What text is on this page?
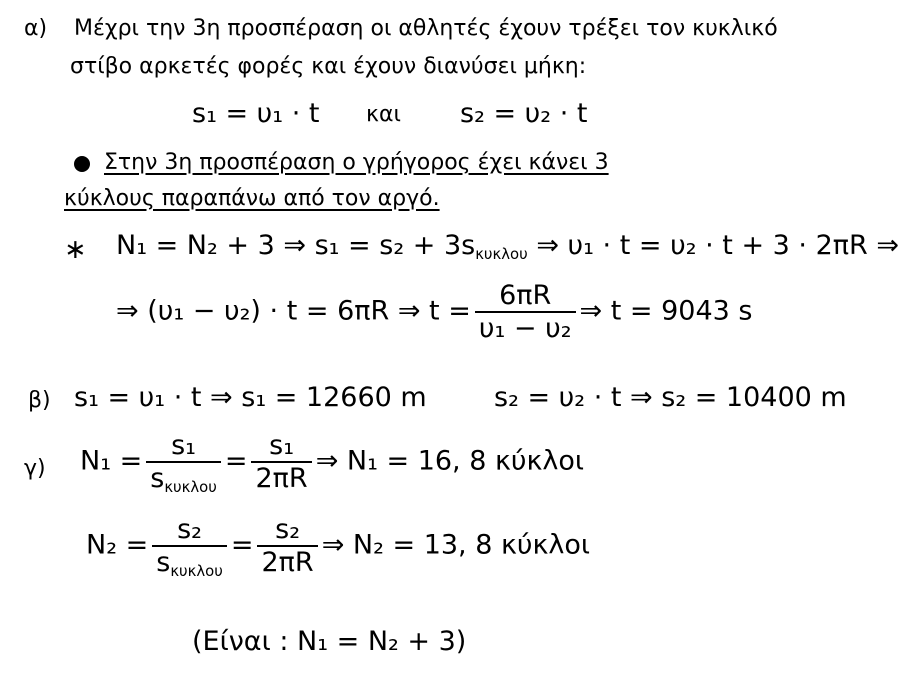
α) Μέχρι την 3η προσπέραση οι αθλητές έχουν τρέξει τον κυκλικό
στίβο αρκετές φορές και έχουν διανύσει μήκη:
s₁ = υ₁ · t και s₂ = υ₂ · t
Στην 3η προσπέραση ο γρήγορος έχει κάνει 3
κύκλους παραπάνω από τον αργό.
∗ N₁ = N₂ + 3 ⇒ $s_1 = s_2 + 3s_{\kappa\upsilon\kappa\lambda o\upsilon}$ ⇒ υ₁ · t = υ₂ · t + 3 · 2πR ⇒
⇒ (υ₁ − υ₂) · t = 6πR ⇒ $t = \frac{6\pi R}{\text{υ₁ − υ₂}}$ ⇒ t = 9043 s
β) s₁ = υ₁ · t ⇒ s₁ = 12660 m s₂ = υ₂ · t ⇒ s₂ = 10400 m
γ) $N_1 = \frac{\text{s₁}}{s_{\kappa\upsilon\kappa\lambda o\upsilon}} = \frac{\text{s₁}}{2\pi R}$ ⇒ N₁ = 16, 8 κύκλοι
$N_2 = \frac{\text{s₂}}{s_{\kappa\upsilon\kappa\lambda o\upsilon}} = \frac{\text{s₂}}{2\pi R}$ ⇒ N₂ = 13, 8 κύκλοι
(Είναι : N₁ = N₂ + 3)
